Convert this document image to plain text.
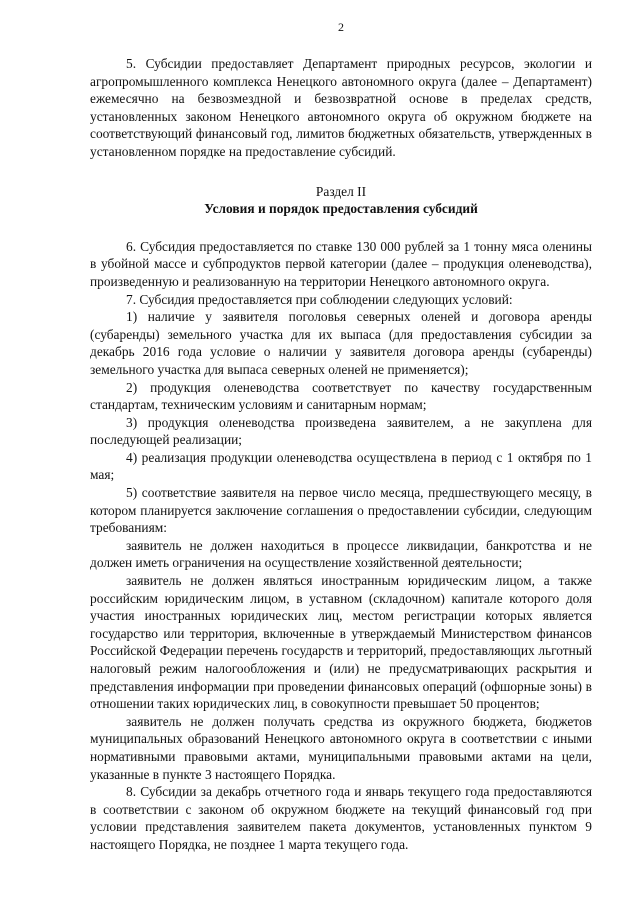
2

5. Субсидии предоставляет Департамент природных ресурсов, экологии и агропромышленного комплекса Ненецкого автономного округа (далее – Департамент) ежемесячно на безвозмездной и безвозвратной основе в пределах средств, установленных законом Ненецкого автономного округа об окружном бюджете на соответствующий финансовый год, лимитов бюджетных обязательств, утвержденных в установленном порядке на предоставление субсидий.

Раздел II
Условия и порядок предоставления субсидий

6. Субсидия предоставляется по ставке 130 000 рублей за 1 тонну мяса оленины в убойной массе и субпродуктов первой категории (далее – продукция оленеводства), произведенную и реализованную на территории Ненецкого автономного округа.

7. Субсидия предоставляется при соблюдении следующих условий:

1) наличие у заявителя поголовья северных оленей и договора аренды (субаренды) земельного участка для их выпаса (для предоставления субсидии за декабрь 2016 года условие о наличии у заявителя договора аренды (субаренды) земельного участка для выпаса северных оленей не применяется);

2) продукция оленеводства соответствует по качеству государственным стандартам, техническим условиям и санитарным нормам;

3) продукция оленеводства произведена заявителем, а не закуплена для последующей реализации;

4) реализация продукции оленеводства осуществлена в период с 1 октября по 1 мая;

5) соответствие заявителя на первое число месяца, предшествующего месяцу, в котором планируется заключение соглашения о предоставлении субсидии, следующим требованиям:

заявитель не должен находиться в процессе ликвидации, банкротства и не должен иметь ограничения на осуществление хозяйственной деятельности;

заявитель не должен являться иностранным юридическим лицом, а также российским юридическим лицом, в уставном (складочном) капитале которого доля участия иностранных юридических лиц, местом регистрации которых является государство или территория, включенные в утверждаемый Министерством финансов Российской Федерации перечень государств и территорий, предоставляющих льготный налоговый режим налогообложения и (или) не предусматривающих раскрытия и представления информации при проведении финансовых операций (офшорные зоны) в отношении таких юридических лиц, в совокупности превышает 50 процентов;

заявитель не должен получать средства из окружного бюджета, бюджетов муниципальных образований Ненецкого автономного округа в соответствии с иными нормативными правовыми актами, муниципальными правовыми актами на цели, указанные в пункте 3 настоящего Порядка.

8. Субсидии за декабрь отчетного года и январь текущего года предоставляются в соответствии с законом об окружном бюджете на текущий финансовый год при условии представления заявителем пакета документов, установленных пунктом 9 настоящего Порядка, не позднее 1 марта текущего года.
